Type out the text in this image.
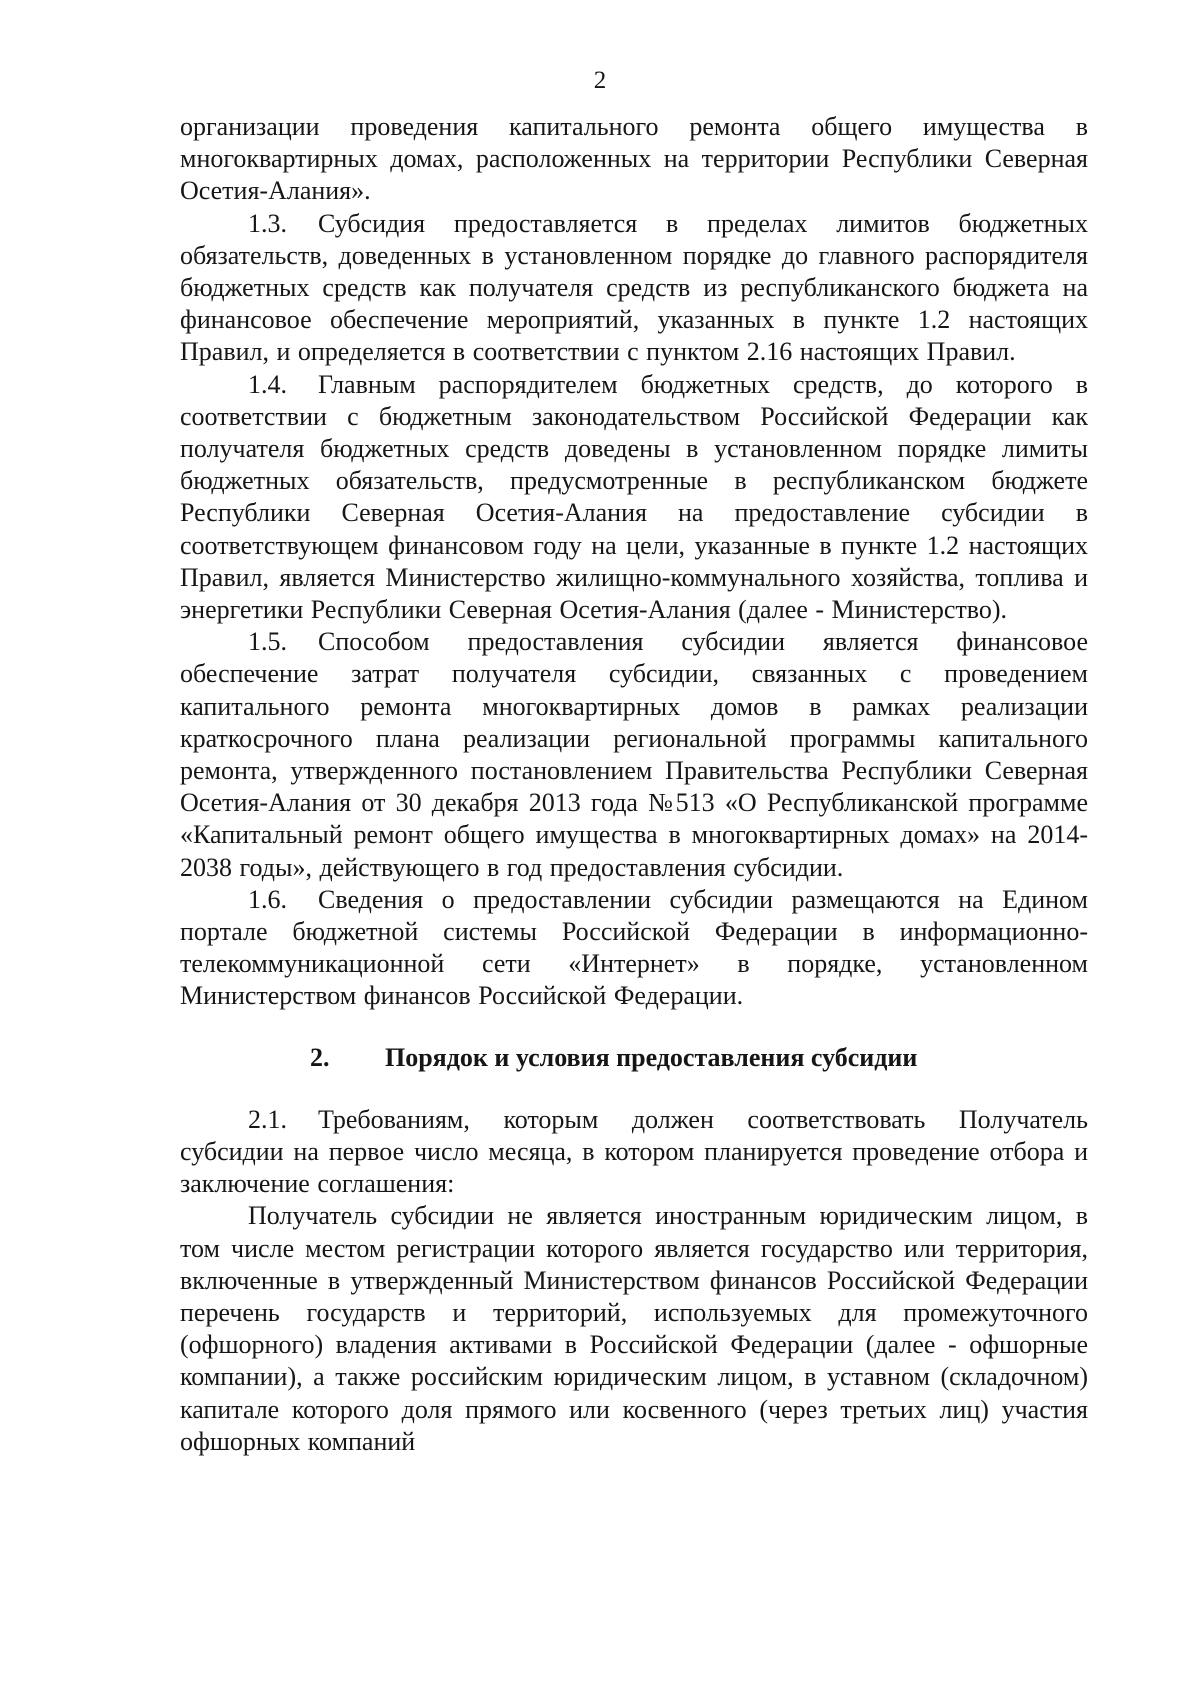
2

организации проведения капитального ремонта общего имущества в многоквартирных домах, расположенных на территории Республики Северная Осетия-Алания».

1.3. Субсидия предоставляется в пределах лимитов бюджетных обязательств, доведенных в установленном порядке до главного распорядителя бюджетных средств как получателя средств из республиканского бюджета на финансовое обеспечение мероприятий, указанных в пункте 1.2 настоящих Правил, и определяется в соответствии с пунктом 2.16 настоящих Правил.

1.4. Главным распорядителем бюджетных средств, до которого в соответствии с бюджетным законодательством Российской Федерации как получателя бюджетных средств доведены в установленном порядке лимиты бюджетных обязательств, предусмотренные в республиканском бюджете Республики Северная Осетия-Алания на предоставление субсидии в соответствующем финансовом году на цели, указанные в пункте 1.2 настоящих Правил, является Министерство жилищно-коммунального хозяйства, топлива и энергетики Республики Северная Осетия-Алания (далее - Министерство).

1.5. Способом предоставления субсидии является финансовое обеспечение затрат получателя субсидии, связанных с проведением капитального ремонта многоквартирных домов в рамках реализации краткосрочного плана реализации региональной программы капитального ремонта, утвержденного постановлением Правительства Республики Северная Осетия-Алания от 30 декабря 2013 года №513 «О Республиканской программе «Капитальный ремонт общего имущества в многоквартирных домах» на 2014-2038 годы», действующего в год предоставления субсидии.

1.6. Сведения о предоставлении субсидии размещаются на Едином портале бюджетной системы Российской Федерации в информационно-телекоммуникационной сети «Интернет» в порядке, установленном Министерством финансов Российской Федерации.

2. Порядок и условия предоставления субсидии

2.1. Требованиям, которым должен соответствовать Получатель субсидии на первое число месяца, в котором планируется проведение отбора и заключение соглашения:

Получатель субсидии не является иностранным юридическим лицом, в том числе местом регистрации которого является государство или территория, включенные в утвержденный Министерством финансов Российской Федерации перечень государств и территорий, используемых для промежуточного (офшорного) владения активами в Российской Федерации (далее - офшорные компании), а также российским юридическим лицом, в уставном (складочном) капитале которого доля прямого или косвенного (через третьих лиц) участия офшорных компаний
